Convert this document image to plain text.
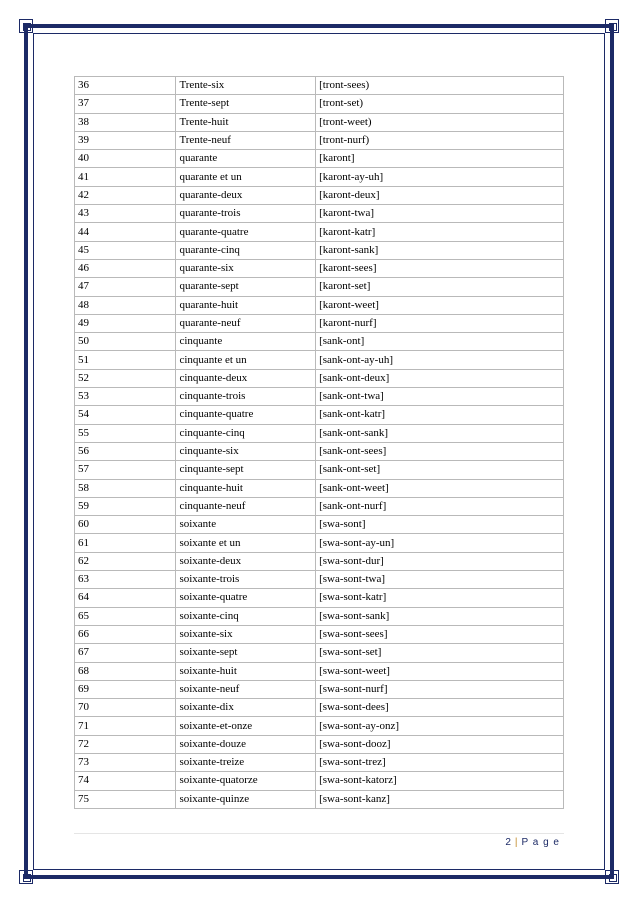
36	Trente-six	[tront-sees)
37	Trente-sept	[tront-set)
38	Trente-huit	[tront-weet)
39	Trente-neuf	[tront-nurf)
40	quarante	[karont]
41	quarante et un	[karont-ay-uh]
42	quarante-deux	[karont-deux]
43	quarante-trois	[karont-twa]
44	quarante-quatre	[karont-katr]
45	quarante-cinq	[karont-sank]
46	quarante-six	[karont-sees]
47	quarante-sept	[karont-set]
48	quarante-huit	[karont-weet]
49	quarante-neuf	[karont-nurf]
50	cinquante	[sank-ont]
51	cinquante et un	[sank-ont-ay-uh]
52	cinquante-deux	[sank-ont-deux]
53	cinquante-trois	[sank-ont-twa]
54	cinquante-quatre	[sank-ont-katr]
55	cinquante-cinq	[sank-ont-sank]
56	cinquante-six	[sank-ont-sees]
57	cinquante-sept	[sank-ont-set]
58	cinquante-huit	[sank-ont-weet]
59	cinquante-neuf	[sank-ont-nurf]
60	soixante	[swa-sont]
61	soixante et un	[swa-sont-ay-un]
62	soixante-deux	[swa-sont-dur]
63	soixante-trois	[swa-sont-twa]
64	soixante-quatre	[swa-sont-katr]
65	soixante-cinq	[swa-sont-sank]
66	soixante-six	[swa-sont-sees]
67	soixante-sept	[swa-sont-set]
68	soixante-huit	[swa-sont-weet]
69	soixante-neuf	[swa-sont-nurf]
70	soixante-dix	[swa-sont-dees]
71	soixante-et-onze	[swa-sont-ay-onz]
72	soixante-douze	[swa-sont-dooz]
73	soixante-treize	[swa-sont-trez]
74	soixante-quatorze	[swa-sont-katorz]
75	soixante-quinze	[swa-sont-kanz]
2 | P a g e
